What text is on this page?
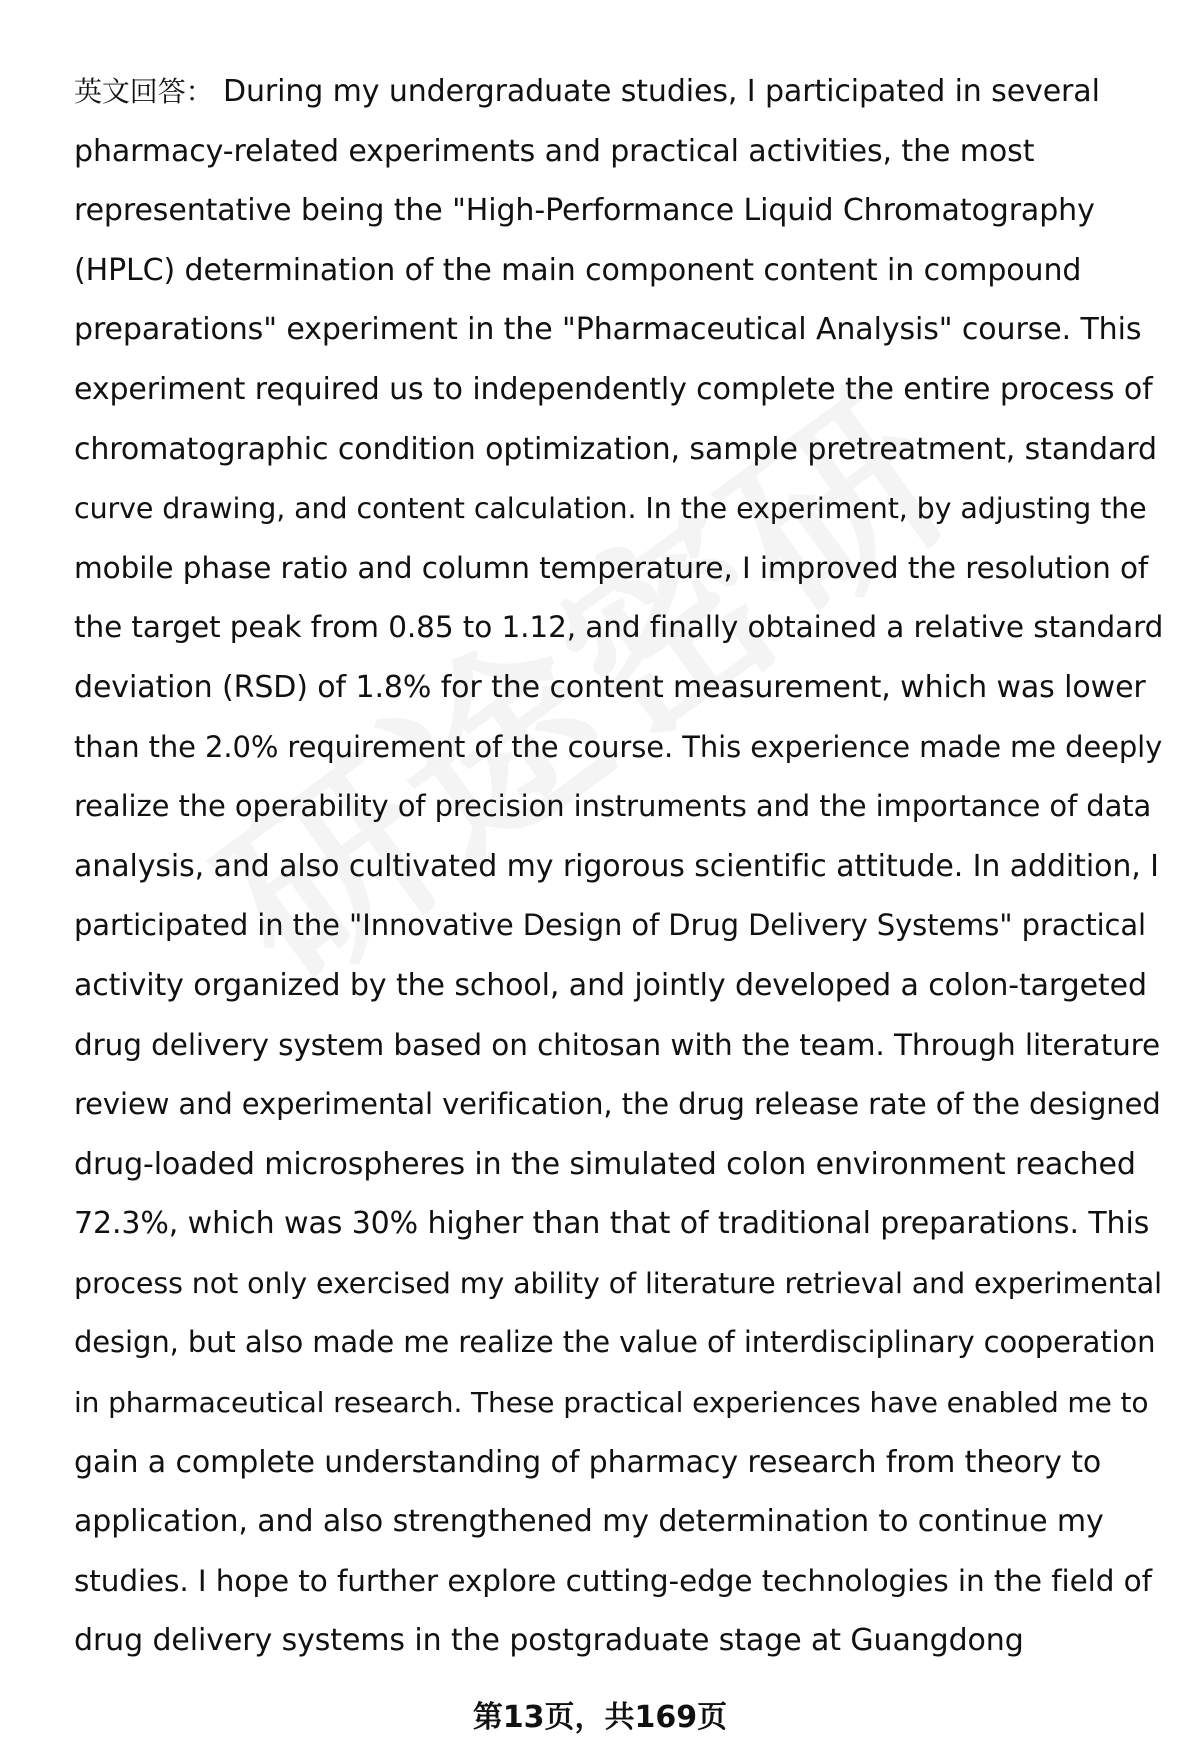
英文回答： During my undergraduate studies, I participated in several
pharmacy-related experiments and practical activities, the most
representative being the "High-Performance Liquid Chromatography
(HPLC) determination of the main component content in compound
preparations" experiment in the "Pharmaceutical Analysis" course. This
experiment required us to independently complete the entire process of
chromatographic condition optimization, sample pretreatment, standard
curve drawing, and content calculation. In the experiment, by adjusting the
mobile phase ratio and column temperature, I improved the resolution of
the target peak from 0.85 to 1.12, and finally obtained a relative standard
deviation (RSD) of 1.8% for the content measurement, which was lower
than the 2.0% requirement of the course. This experience made me deeply
realize the operability of precision instruments and the importance of data
analysis, and also cultivated my rigorous scientific attitude. In addition, I
participated in the "Innovative Design of Drug Delivery Systems" practical
activity organized by the school, and jointly developed a colon-targeted
drug delivery system based on chitosan with the team. Through literature
review and experimental verification, the drug release rate of the designed
drug-loaded microspheres in the simulated colon environment reached
72.3%, which was 30% higher than that of traditional preparations. This
process not only exercised my ability of literature retrieval and experimental
design, but also made me realize the value of interdisciplinary cooperation
in pharmaceutical research. These practical experiences have enabled me to
gain a complete understanding of pharmacy research from theory to
application, and also strengthened my determination to continue my
studies. I hope to further explore cutting-edge technologies in the field of
drug delivery systems in the postgraduate stage at Guangdong
第13页，共169页
